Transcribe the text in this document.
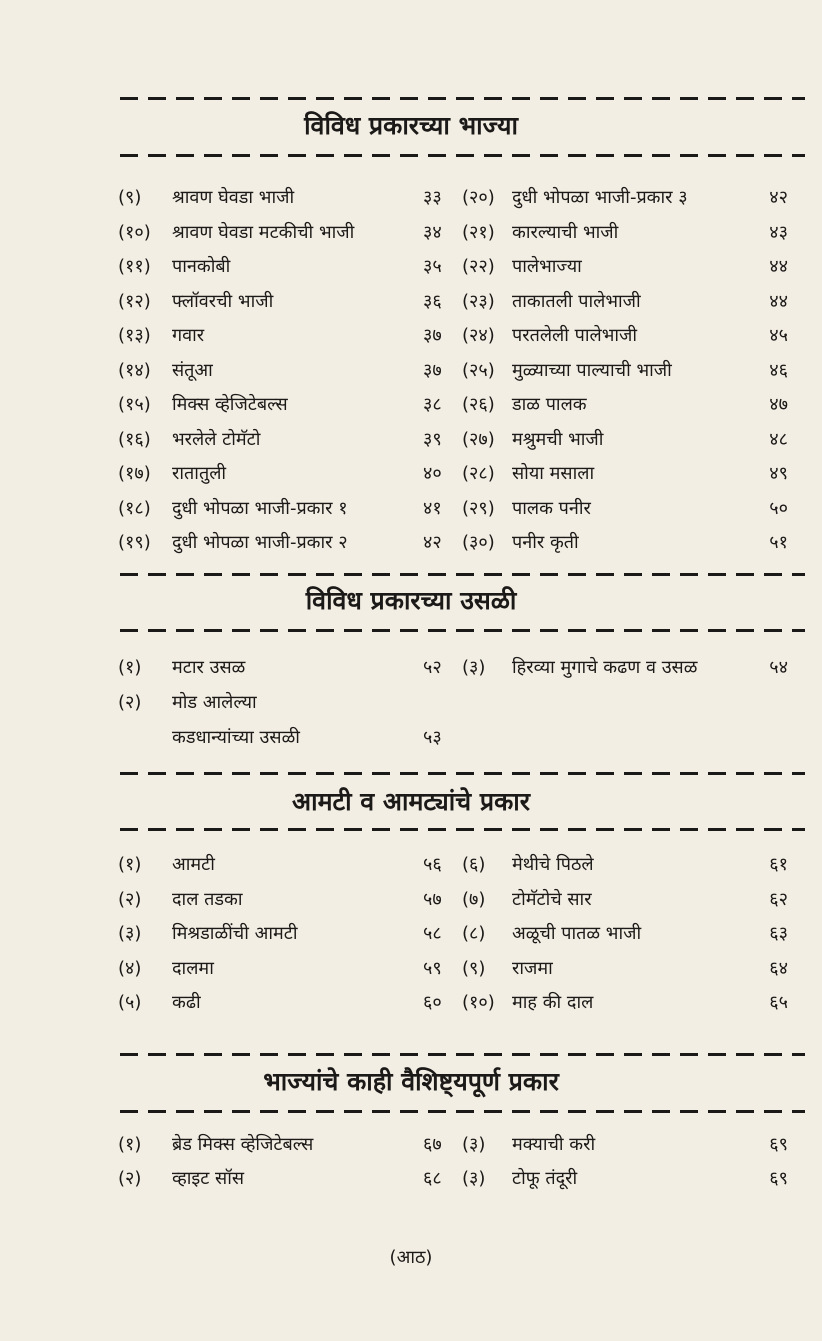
विविध प्रकारच्या भाज्या
(९) श्रावण घेवडा भाजी	३३ (२०) दुधी भोपळा भाजी-प्रकार ३	४२
(१०) श्रावण घेवडा मटकीची भाजी	३४ (२१) कारल्याची भाजी	४३
(११) पानकोबी	३५ (२२) पालेभाज्या	४४
(१२) फ्लॉवरची भाजी	३६ (२३) ताकातली पालेभाजी	४४
(१३) गवार	३७ (२४) परतलेली पालेभाजी	४५
(१४) संतूआ	३७ (२५) मुळ्याच्या पाल्याची भाजी	४६
(१५) मिक्स व्हेजिटेबल्स	३८ (२६) डाळ पालक	४७
(१६) भरलेले टोमॅटो	३९ (२७) मश्रुमची भाजी	४८
(१७) रातातुली	४० (२८) सोया मसाला	४९
(१८) दुधी भोपळा भाजी-प्रकार १	४१ (२९) पालक पनीर	५०
(१९) दुधी भोपळा भाजी-प्रकार २	४२ (३०) पनीर कृती	५१
विविध प्रकारच्या उसळी
(१) मटार उसळ	५२ (३) हिरव्या मुगाचे कढण व उसळ	५४
(२) मोड आलेल्या
कडधान्यांच्या उसळी	५३
आमटी व आमट्यांचे प्रकार
(१) आमटी	५६ (६) मेथीचे पिठले	६१
(२) दाल तडका	५७ (७) टोमॅटोचे सार	६२
(३) मिश्रडाळींची आमटी	५८ (८) अळूची पातळ भाजी	६३
(४) दालमा	५९ (९) राजमा	६४
(५) कढी	६० (१०) माह की दाल	६५
भाज्यांचे काही वैशिष्ट्यपूर्ण प्रकार
(१) ब्रेड मिक्स व्हेजिटेबल्स	६७ (३) मक्याची करी	६९
(२) व्हाइट सॉस	६८ (३) टोफू तंदूरी	६९
(आठ)
